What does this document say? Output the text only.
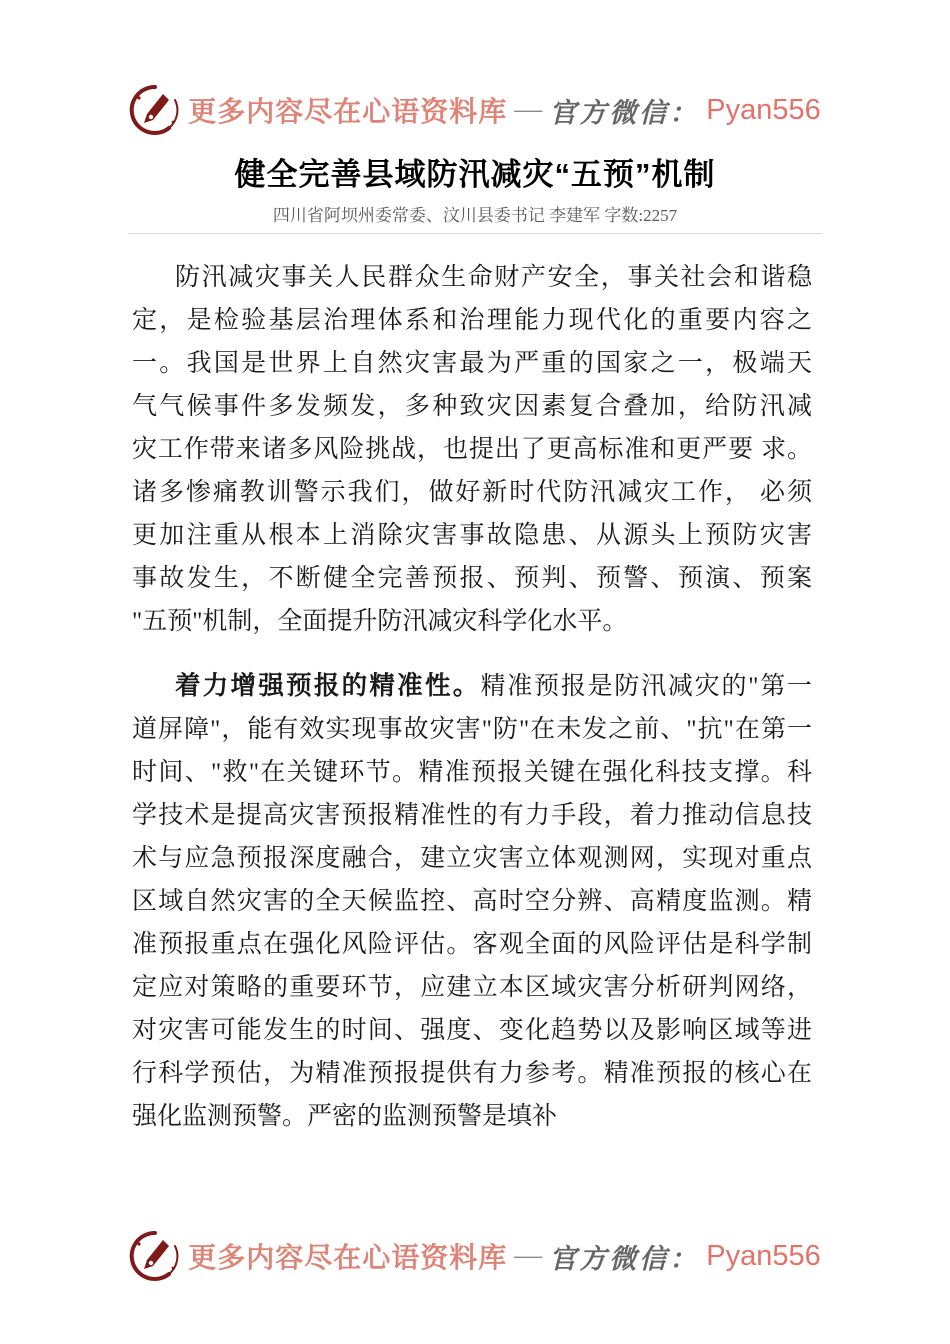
更多内容尽在心语资料库 — 官方微信： Pyan556
健全完善县域防汛减灾“五预”机制
四川省阿坝州委常委、汶川县委书记 李建军 字数:2257
防汛减灾事关人民群众生命财产安全，事关社会和谐稳
定，是检验基层治理体系和治理能力现代化的重要内容之
一。我国是世界上自然灾害最为严重的国家之一，极端天
气气候事件多发频发，多种致灾因素复合叠加，给防汛减
灾工作带来诸多风险挑战，也提出了更高标准和更严要 求。
诸多惨痛教训警示我们，做好新时代防汛减灾工作， 必须
更加注重从根本上消除灾害事故隐患、从源头上预防灾害
事故发生，不断健全完善预报、预判、预警、预演、预案
"五预"机制，全面提升防汛减灾科学化水平。
着力增强预报的精准性。精准预报是防汛减灾的"第一
道屏障"，能有效实现事故灾害"防"在未发之前、"抗"在第一
时间、"救"在关键环节。精准预报关键在强化科技支撑。科
学技术是提高灾害预报精准性的有力手段，着力推动信息技
术与应急预报深度融合，建立灾害立体观测网，实现对重点
区域自然灾害的全天候监控、高时空分辨、高精度监测。精
准预报重点在强化风险评估。客观全面的风险评估是科学制
定应对策略的重要环节，应建立本区域灾害分析研判网络，
对灾害可能发生的时间、强度、变化趋势以及影响区域等进
行科学预估，为精准预报提供有力参考。精准预报的核心在
强化监测预警。严密的监测预警是填补
更多内容尽在心语资料库 — 官方微信： Pyan556
